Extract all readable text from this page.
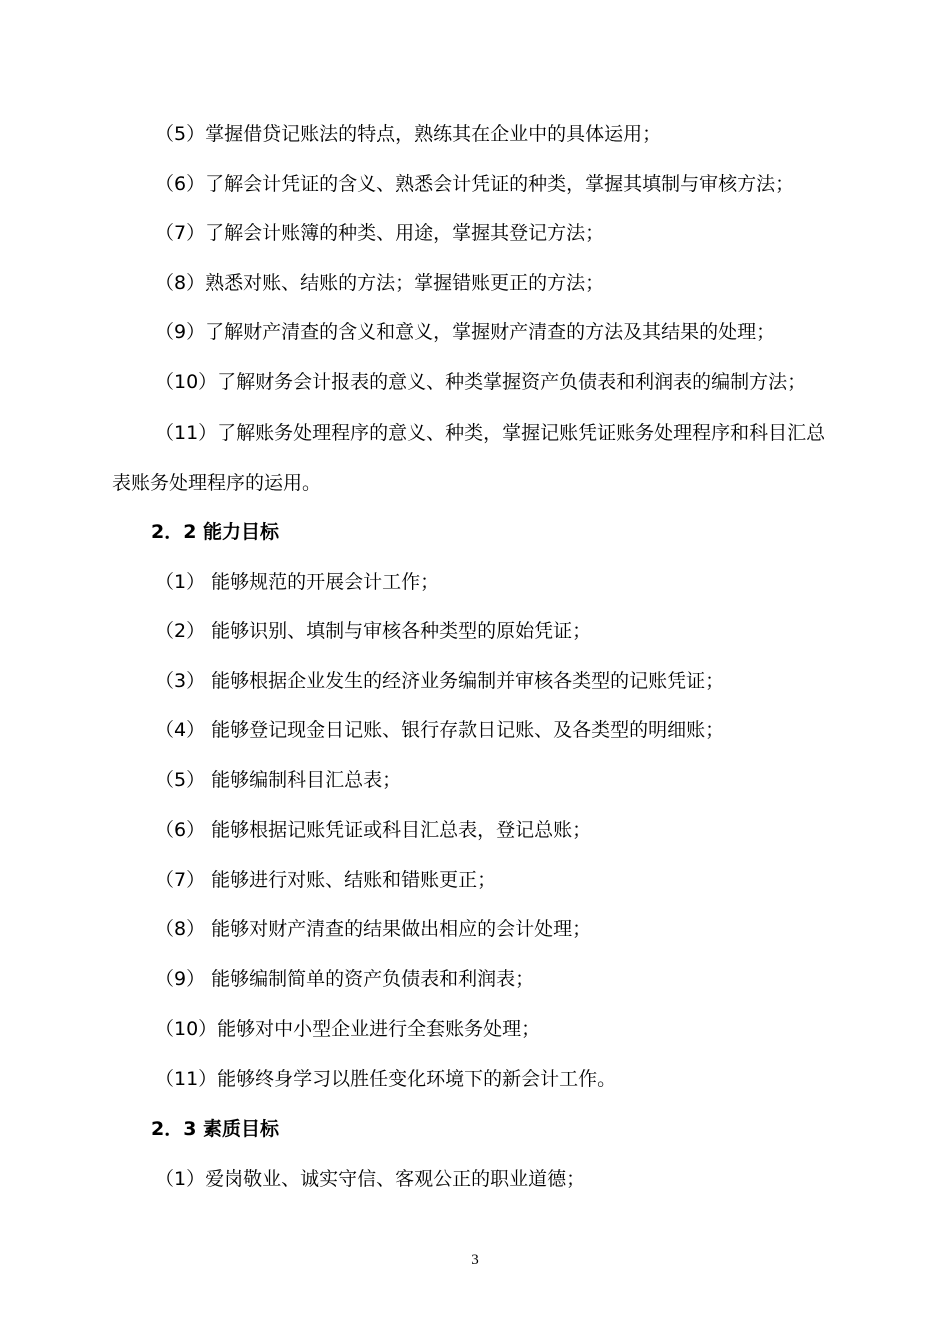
（5）掌握借贷记账法的特点，熟练其在企业中的具体运用；
（6）了解会计凭证的含义、熟悉会计凭证的种类，掌握其填制与审核方法；
（7）了解会计账簿的种类、用途，掌握其登记方法；
（8）熟悉对账、结账的方法；掌握错账更正的方法；
（9）了解财产清查的含义和意义，掌握财产清查的方法及其结果的处理；
（10）了解财务会计报表的意义、种类掌握资产负债表和利润表的编制方法；
（11）了解账务处理程序的意义、种类，掌握记账凭证账务处理程序和科目汇总
表账务处理程序的运用。
2．2 能力目标
（1） 能够规范的开展会计工作；
（2） 能够识别、填制与审核各种类型的原始凭证；
（3） 能够根据企业发生的经济业务编制并审核各类型的记账凭证；
（4） 能够登记现金日记账、银行存款日记账、及各类型的明细账；
（5） 能够编制科目汇总表；
（6） 能够根据记账凭证或科目汇总表，登记总账；
（7） 能够进行对账、结账和错账更正；
（8） 能够对财产清查的结果做出相应的会计处理；
（9） 能够编制简单的资产负债表和利润表；
（10）能够对中小型企业进行全套账务处理；
（11）能够终身学习以胜任变化环境下的新会计工作。
2．3 素质目标
（1）爱岗敬业、诚实守信、客观公正的职业道德；
3
